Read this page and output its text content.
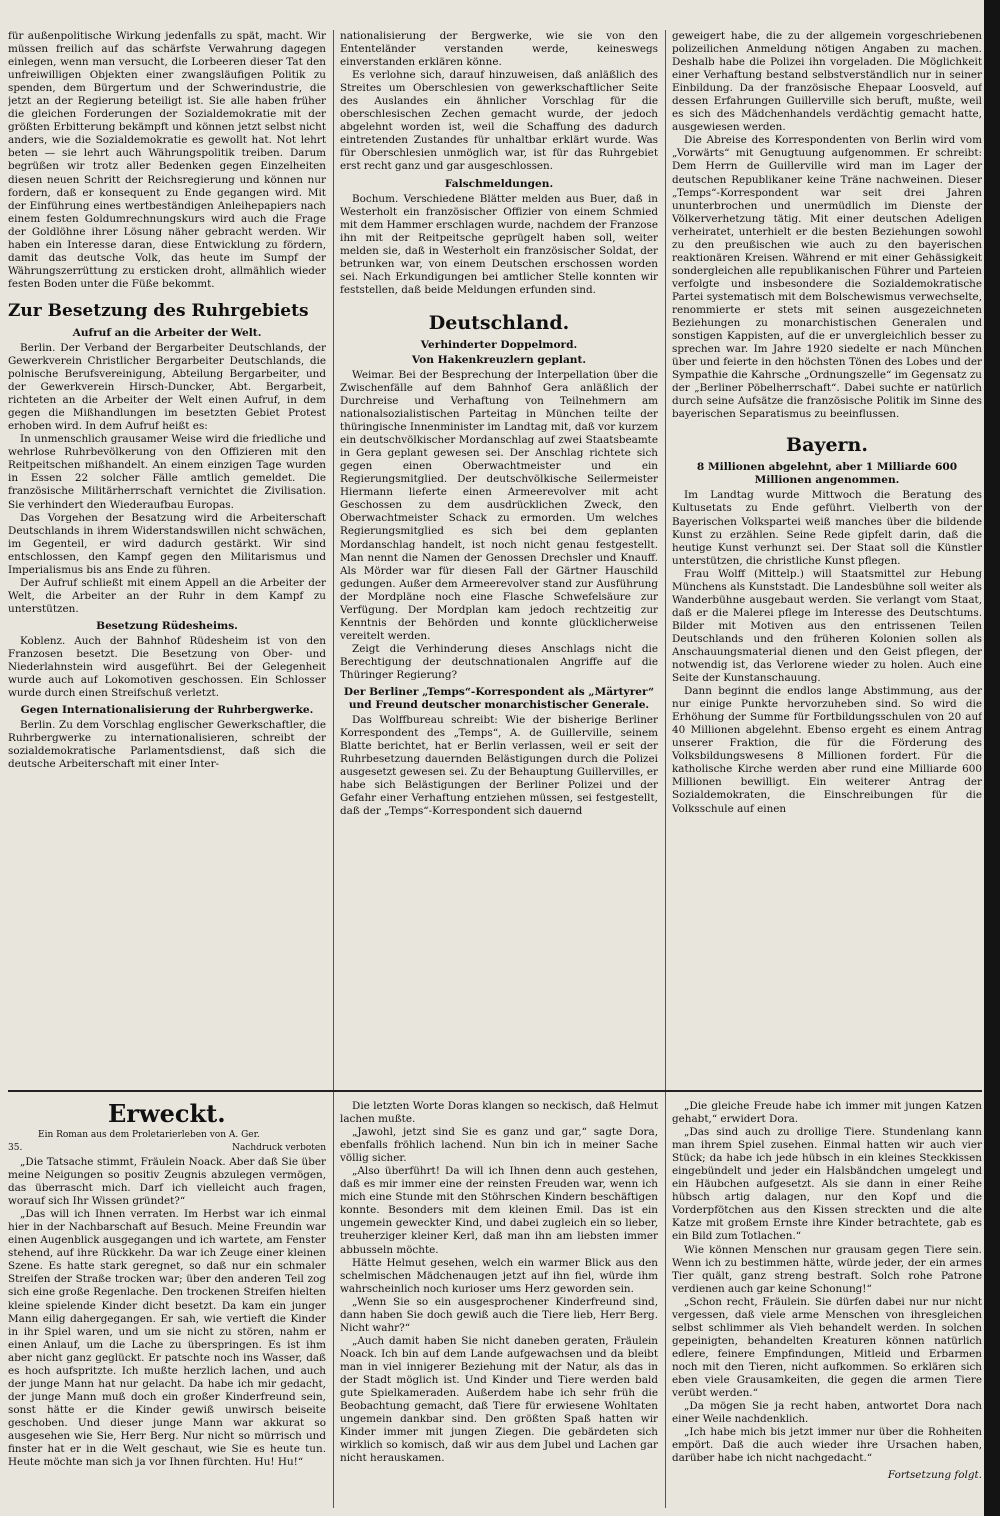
für außenpolitische Wirkung jedenfalls zu spät, macht. Wir müssen freilich auf das schärfste Verwahrung dagegen einlegen, wenn man versucht, die Lorbeeren dieser Tat den unfreiwilligen Objekten einer zwangsläufigen Politik zu spenden, dem Bürgertum und der Schwerindustrie, die jetzt an der Regierung beteiligt ist. Sie alle haben früher die gleichen Forderungen der Sozialdemokratie mit der größten Erbitterung bekämpft und können jetzt selbst nicht anders, wie die Sozialdemokratie es gewollt hat. Not lehrt beten — sie lehrt auch Währungspolitik treiben. Darum begrüßen wir trotz aller Bedenken gegen Einzelheiten diesen neuen Schritt der Reichsregierung und können nur fordern, daß er konsequent zu Ende gegangen wird. Mit der Einführung eines wertbeständigen Anleihepapiers nach einem festen Goldumrechnungskurs wird auch die Frage der Goldlöhne ihrer Lösung näher gebracht werden. Wir haben ein Interesse daran, diese Entwicklung zu fördern, damit das deutsche Volk, das heute im Sumpf der Währungszerrüttung zu ersticken droht, allmählich wieder festen Boden unter die Füße bekommt.

Zur Besetzung des Ruhrgebiets
Aufruf an die Arbeiter der Welt.

Berlin. Der Verband der Bergarbeiter Deutschlands, der Gewerkverein Christlicher Bergarbeiter Deutschlands, die polnische Berufsvereinigung, Abteilung Bergarbeiter, und der Gewerkverein Hirsch-Duncker, Abt. Bergarbeit, richteten an die Arbeiter der Welt einen Aufruf, in dem gegen die Mißhandlungen im besetzten Gebiet Protest erhoben wird. In dem Aufruf heißt es:

In unmenschlich grausamer Weise wird die friedliche und wehrlose Ruhrbevölkerung von den Offizieren mit den Reitpeitschen mißhandelt. An einem einzigen Tage wurden in Essen 22 solcher Fälle amtlich gemeldet. Die französische Militärherrschaft vernichtet die Zivilisation. Sie verhindert den Wiederaufbau Europas.

Das Vorgehen der Besatzung wird die Arbeiterschaft Deutschlands in ihrem Widerstandswillen nicht schwächen, im Gegenteil, er wird dadurch gestärkt. Wir sind entschlossen, den Kampf gegen den Militarismus und Imperialismus bis ans Ende zu führen.

Der Aufruf schließt mit einem Appell an die Arbeiter der Welt, die Arbeiter an der Ruhr in dem Kampf zu unterstützen.

Besetzung Rüdesheims.

Koblenz. Auch der Bahnhof Rüdesheim ist von den Franzosen besetzt. Die Besetzung von Ober- und Niederlahnstein wird ausgeführt. Bei der Gelegenheit wurde auch auf Lokomotiven geschossen. Ein Schlosser wurde durch einen Streifschuß verletzt.

Gegen Internationalisierung der Ruhrbergwerke.

Berlin. Zu dem Vorschlag englischer Gewerkschaftler, die Ruhrbergwerke zu internationalisieren, schreibt der sozialdemokratische Parlamentsdienst, daß sich die deutsche Arbeiterschaft mit einer Inter-

nationalisierung der Bergwerke, wie sie von den Ententeländer verstanden werde, keineswegs einverstanden erklären könne.

Es verlohne sich, darauf hinzuweisen, daß anläßlich des Streites um Oberschlesien von gewerkschaftlicher Seite des Auslandes ein ähnlicher Vorschlag für die oberschlesischen Zechen gemacht wurde, der jedoch abgelehnt worden ist, weil die Schaffung des dadurch eintretenden Zustandes für unhaltbar erklärt wurde. Was für Oberschlesien unmöglich war, ist für das Ruhrgebiet erst recht ganz und gar ausgeschlossen.

Falschmeldungen.

Bochum. Verschiedene Blätter melden aus Buer, daß in Westerholt ein französischer Offizier von einem Schmied mit dem Hammer erschlagen wurde, nachdem der Franzose ihn mit der Reitpeitsche geprügelt haben soll, weiter melden sie, daß in Westerholt ein französischer Soldat, der betrunken war, von einem Deutschen erschossen worden sei. Nach Erkundigungen bei amtlicher Stelle konnten wir feststellen, daß beide Meldungen erfunden sind.

Deutschland.
Verhinderter Doppelmord.
Von Hakenkreuzlern geplant.

Weimar. Bei der Besprechung der Interpellation über die Zwischenfälle auf dem Bahnhof Gera anläßlich der Durchreise und Verhaftung von Teilnehmern am nationalsozialistischen Parteitag in München teilte der thüringische Innenminister im Landtag mit, daß vor kurzem ein deutschvölkischer Mordanschlag auf zwei Staatsbeamte in Gera geplant gewesen sei. Der Anschlag richtete sich gegen einen Oberwachtmeister und ein Regierungsmitglied. Der deutschvölkische Seilermeister Hiermann lieferte einen Armeerevolver mit acht Geschossen zu dem ausdrücklichen Zweck, den Oberwachtmeister Schack zu ermorden. Um welches Regierungsmitglied es sich bei dem geplanten Mordanschlag handelt, ist noch nicht genau festgestellt. Man nennt die Namen der Genossen Drechsler und Knauff. Als Mörder war für diesen Fall der Gärtner Hauschild gedungen. Außer dem Armeerevolver stand zur Ausführung der Mordpläne noch eine Flasche Schwefelsäure zur Verfügung. Der Mordplan kam jedoch rechtzeitig zur Kenntnis der Behörden und konnte glücklicherweise vereitelt werden.

Zeigt die Verhinderung dieses Anschlags nicht die Berechtigung der deutschnationalen Angriffe auf die Thüringer Regierung?

Der Berliner „Temps“-Korrespondent als „Märtyrer“ und Freund deutscher monarchistischer Generale.

Das Wolffbureau schreibt: Wie der bisherige Berliner Korrespondent des „Temps“, A. de Guillerville, seinem Blatte berichtet, hat er Berlin verlassen, weil er seit der Ruhrbesetzung dauernden Belästigungen durch die Polizei ausgesetzt gewesen sei. Zu der Behauptung Guillervilles, er habe sich Belästigungen der Berliner Polizei und der Gefahr einer Verhaftung entziehen müssen, sei festgestellt, daß der „Temps“-Korrespondent sich dauernd

geweigert habe, die zu der allgemein vorgeschriebenen polizeilichen Anmeldung nötigen Angaben zu machen. Deshalb habe die Polizei ihn vorgeladen. Die Möglichkeit einer Verhaftung bestand selbstverständlich nur in seiner Einbildung. Da der französische Ehepaar Loosveld, auf dessen Erfahrungen Guillerville sich beruft, mußte, weil es sich des Mädchenhandels verdächtig gemacht hatte, ausgewiesen werden.

Die Abreise des Korrespondenten von Berlin wird vom „Vorwärts“ mit Genugtuung aufgenommen. Er schreibt: Dem Herrn de Guillerville wird man im Lager der deutschen Republikaner keine Träne nachweinen. Dieser „Temps“-Korrespondent war seit drei Jahren ununterbrochen und unermüdlich im Dienste der Völkerverhetzung tätig. Mit einer deutschen Adeligen verheiratet, unterhielt er die besten Beziehungen sowohl zu den preußischen wie auch zu den bayerischen reaktionären Kreisen. Während er mit einer Gehässigkeit sondergleichen alle republikanischen Führer und Parteien verfolgte und insbesondere die Sozialdemokratische Partei systematisch mit dem Bolschewismus verwechselte, renommierte er stets mit seinen ausgezeichneten Beziehungen zu monarchistischen Generalen und sonstigen Kappisten, auf die er unvergleichlich besser zu sprechen war. Im Jahre 1920 siedelte er nach München über und feierte in den höchsten Tönen des Lobes und der Sympathie die Kahrsche „Ordnungszelle“ im Gegensatz zu der „Berliner Pöbelherrschaft“. Dabei suchte er natürlich durch seine Aufsätze die französische Politik im Sinne des bayerischen Separatismus zu beeinflussen.

Bayern.
8 Millionen abgelehnt, aber 1 Milliarde 600 Millionen angenommen.

Im Landtag wurde Mittwoch die Beratung des Kultusetats zu Ende geführt. Vielberth von der Bayerischen Volkspartei weiß manches über die bildende Kunst zu erzählen. Seine Rede gipfelt darin, daß die heutige Kunst verhunzt sei. Der Staat soll die Künstler unterstützen, die christliche Kunst pflegen.

Frau Wolff (Mittelp.) will Staatsmittel zur Hebung Münchens als Kunststadt. Die Landesbühne soll weiter als Wanderbühne ausgebaut werden. Sie verlangt vom Staat, daß er die Malerei pflege im Interesse des Deutschtums. Bilder mit Motiven aus den entrissenen Teilen Deutschlands und den früheren Kolonien sollen als Anschauungsmaterial dienen und den Geist pflegen, der notwendig ist, das Verlorene wieder zu holen. Auch eine Seite der Kunstanschauung.

Dann beginnt die endlos lange Abstimmung, aus der nur einige Punkte hervorzuheben sind. So wird die Erhöhung der Summe für Fortbildungsschulen von 20 auf 40 Millionen abgelehnt. Ebenso ergeht es einem Antrag unserer Fraktion, die für die Förderung des Volksbildungswesens 8 Millionen fordert. Für die katholische Kirche werden aber rund eine Milliarde 600 Millionen bewilligt. Ein weiterer Antrag der Sozialdemokraten, die Einschreibungen für die Volksschule auf einen

Erweckt.
Ein Roman aus dem Proletarierleben von A. Ger.
35.	Nachdruck verboten

„Die Tatsache stimmt, Fräulein Noack. Aber daß Sie über meine Neigungen so positiv Zeugnis abzulegen vermögen, das überrascht mich. Darf ich vielleicht auch fragen, worauf sich Ihr Wissen gründet?“

„Das will ich Ihnen verraten. Im Herbst war ich einmal hier in der Nachbarschaft auf Besuch. Meine Freundin war einen Augenblick ausgegangen und ich wartete, am Fenster stehend, auf ihre Rückkehr. Da war ich Zeuge einer kleinen Szene. Es hatte stark geregnet, so daß nur ein schmaler Streifen der Straße trocken war; über den anderen Teil zog sich eine große Regenlache. Den trockenen Streifen hielten kleine spielende Kinder dicht besetzt. Da kam ein junger Mann eilig dahergegangen. Er sah, wie vertieft die Kinder in ihr Spiel waren, und um sie nicht zu stören, nahm er einen Anlauf, um die Lache zu überspringen. Es ist ihm aber nicht ganz geglückt. Er patschte noch ins Wasser, daß es hoch aufspritzte. Ich mußte herzlich lachen, und auch der junge Mann hat nur gelacht. Da habe ich mir gedacht, der junge Mann muß doch ein großer Kinderfreund sein, sonst hätte er die Kinder gewiß unwirsch beiseite geschoben. Und dieser junge Mann war akkurat so ausgesehen wie Sie, Herr Berg. Nur nicht so mürrisch und finster hat er in die Welt geschaut, wie Sie es heute tun. Heute möchte man sich ja vor Ihnen fürchten. Hu! Hu!“

Die letzten Worte Doras klangen so neckisch, daß Helmut lachen mußte.

„Jawohl, jetzt sind Sie es ganz und gar,“ sagte Dora, ebenfalls fröhlich lachend. Nun bin ich in meiner Sache völlig sicher.

„Also überführt! Da will ich Ihnen denn auch gestehen, daß es mir immer eine der reinsten Freuden war, wenn ich mich eine Stunde mit den Stöhrschen Kindern beschäftigen konnte. Besonders mit dem kleinen Emil. Das ist ein ungemein geweckter Kind, und dabei zugleich ein so lieber, treuherziger kleiner Kerl, daß man ihn am liebsten immer abbusseln möchte.

Hätte Helmut gesehen, welch ein warmer Blick aus den schelmischen Mädchenaugen jetzt auf ihn fiel, würde ihm wahrscheinlich noch kurioser ums Herz geworden sein.

„Wenn Sie so ein ausgesprochener Kinderfreund sind, dann haben Sie doch gewiß auch die Tiere lieb, Herr Berg. Nicht wahr?“

„Auch damit haben Sie nicht daneben geraten, Fräulein Noack. Ich bin auf dem Lande aufgewachsen und da bleibt man in viel innigerer Beziehung mit der Natur, als das in der Stadt möglich ist. Und Kinder und Tiere werden bald gute Spielkameraden. Außerdem habe ich sehr früh die Beobachtung gemacht, daß Tiere für erwiesene Wohltaten ungemein dankbar sind. Den größten Spaß hatten wir Kinder immer mit jungen Ziegen. Die gebärdeten sich wirklich so komisch, daß wir aus dem Jubel und Lachen gar nicht herauskamen.

„Die gleiche Freude habe ich immer mit jungen Katzen gehabt,“ erwidert Dora.

„Das sind auch zu drollige Tiere. Stundenlang kann man ihrem Spiel zusehen. Einmal hatten wir auch vier Stück; da habe ich jede hübsch in ein kleines Steckkissen eingebündelt und jeder ein Halsbändchen umgelegt und ein Häubchen aufgesetzt. Als sie dann in einer Reihe hübsch artig dalagen, nur den Kopf und die Vorderpfötchen aus den Kissen streckten und die alte Katze mit großem Ernste ihre Kinder betrachtete, gab es ein Bild zum Totlachen.“

Wie können Menschen nur grausam gegen Tiere sein. Wenn ich zu bestimmen hätte, würde jeder, der ein armes Tier quält, ganz streng bestraft. Solch rohe Patrone verdienen auch gar keine Schonung!“

„Schon recht, Fräulein. Sie dürfen dabei nur nur nicht vergessen, daß viele arme Menschen von ihresgleichen selbst schlimmer als Vieh behandelt werden. In solchen gepeinigten, behandelten Kreaturen können natürlich edlere, feinere Empfindungen, Mitleid und Erbarmen noch mit den Tieren, nicht aufkommen. So erklären sich eben viele Grausamkeiten, die gegen die armen Tiere verübt werden.“

„Da mögen Sie ja recht haben, antwortet Dora nach einer Weile nachdenklich.

„Ich habe mich bis jetzt immer nur über die Rohheiten empört. Daß die auch wieder ihre Ursachen haben, darüber habe ich nicht nachgedacht.“

Fortsetzung folgt.
